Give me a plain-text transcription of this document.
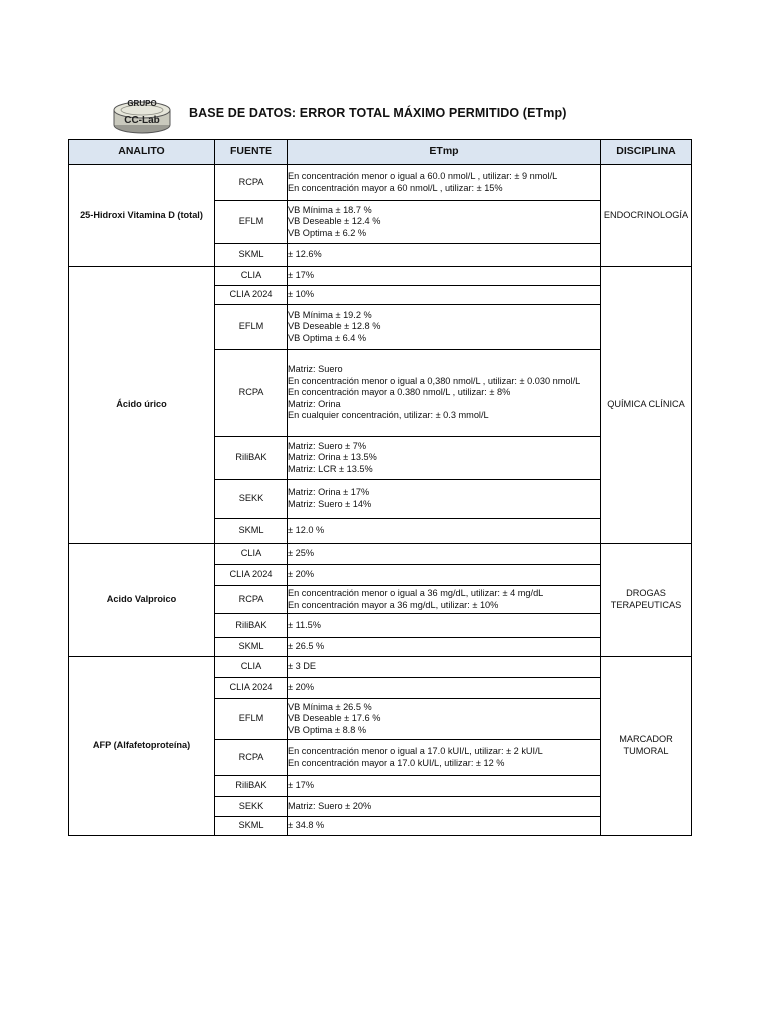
GRUPO
CC-Lab
BASE DE DATOS: ERROR TOTAL MÁXIMO PERMITIDO (ETmp)
ANALITO	FUENTE	ETmp	DISCIPLINA
25-Hidroxi Vitamina D (total)	RCPA	En concentración menor o igual a 60.0 nmol/L , utilizar: ± 9 nmol/L
En concentración mayor a 60 nmol/L , utilizar: ± 15%	ENDOCRINOLOGÍA
	EFLM	VB Mínima ± 18.7 %
VB Deseable ± 12.4 %
VB Optima ± 6.2 %	
	SKML	± 12.6%	
Ácido úrico	CLIA	± 17%	QUÍMICA CLÍNICA
	CLIA 2024	± 10%	
	EFLM	VB Mínima ± 19.2 %
VB Deseable ± 12.8 %
VB Optima ± 6.4 %	
	RCPA	Matriz: Suero
En concentración menor o igual a 0,380 nmol/L , utilizar: ± 0.030 nmol/L
En concentración mayor a 0.380 nmol/L , utilizar: ± 8%
Matriz: Orina
En cualquier concentración, utilizar: ± 0.3 mmol/L	
	RiliBAK	Matriz: Suero ± 7%
Matriz: Orina ± 13.5%
Matriz: LCR ± 13.5%	
	SEKK	Matriz: Orina ± 17%
Matriz: Suero ± 14%	
	SKML	± 12.0 %	
Acido Valproico	CLIA	± 25%	DROGAS
TERAPEUTICAS
	CLIA 2024	± 20%	
	RCPA	En concentración menor o igual a 36 mg/dL, utilizar: ± 4 mg/dL
En concentración mayor a 36 mg/dL, utilizar: ± 10%	
	RiliBAK	± 11.5%	
	SKML	± 26.5 %	
AFP (Alfafetoproteína)	CLIA	± 3 DE	MARCADOR
TUMORAL
	CLIA 2024	± 20%	
	EFLM	VB Mínima ± 26.5 %
VB Deseable ± 17.6 %
VB Optima ± 8.8 %	
	RCPA	En concentración menor o igual a 17.0 kUI/L, utilizar: ± 2 kUI/L
En concentración mayor a 17.0 kUI/L, utilizar: ± 12 %	
	RiliBAK	± 17%	
	SEKK	Matriz: Suero ± 20%	
	SKML	± 34.8 %	
